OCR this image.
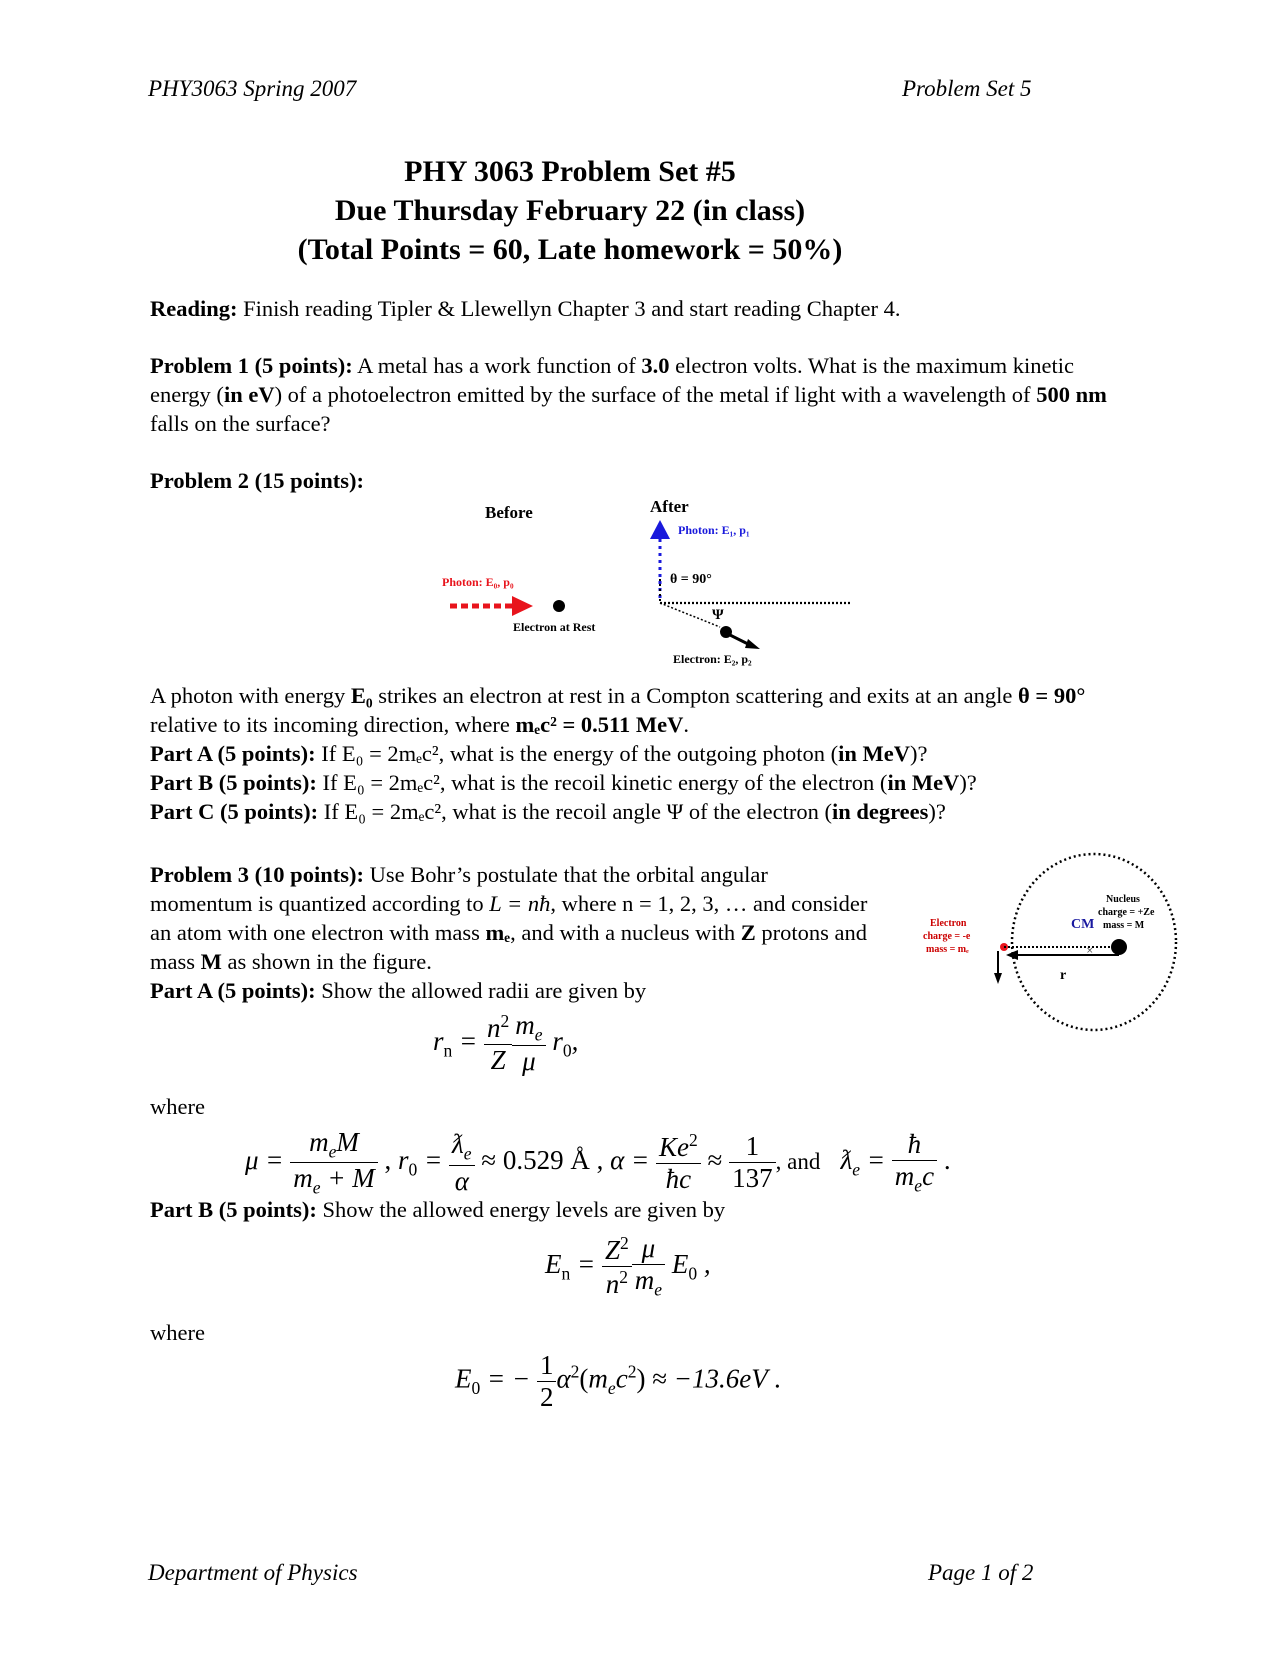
PHY3063 Spring 2007	Problem Set 5
PHY 3063 Problem Set #5
Due Thursday February 22 (in class)
(Total Points = 60, Late homework = 50%)
Reading: Finish reading Tipler & Llewellyn Chapter 3 and start reading Chapter 4.
Problem 1 (5 points): A metal has a work function of 3.0 electron volts. What is the maximum kinetic energy (in eV) of a photoelectron emitted by the surface of the metal if light with a wavelength of 500 nm falls on the surface?
Problem 2 (15 points):
Before	After
Photon: E₀, p₀
Electron at Rest
Photon: E₁, p₁
θ = 90°
Ψ
Electron: E₂, p₂
A photon with energy E₀ strikes an electron at rest in a Compton scattering and exits at an angle θ = 90° relative to its incoming direction, where mₑc² = 0.511 MeV.
Part A (5 points): If E₀ = 2mₑc², what is the energy of the outgoing photon (in MeV)?
Part B (5 points): If E₀ = 2mₑc², what is the recoil kinetic energy of the electron (in MeV)?
Part C (5 points): If E₀ = 2mₑc², what is the recoil angle Ψ of the electron (in degrees)?
Problem 3 (10 points): Use Bohr’s postulate that the orbital angular momentum is quantized according to L = nħ, where n = 1, 2, 3, … and consider an atom with one electron with mass mₑ, and with a nucleus with Z protons and mass M as shown in the figure.
Part A (5 points): Show the allowed radii are given by
Nucleus
charge = +Ze
mass = M
CM
Electron
charge = -e
mass = mₑ	×
r
$r_n = \frac{n^2}{Z} \frac{m_e}{\mu} r_0$,
where
$\mu = \frac{m_eM}{m_e + M}$ , $r_0 = \frac{ƛ_e}{\alpha} \approx 0.529$ Å , $\alpha = \frac{Ke^2}{ħc} \approx \frac{1}{137}$ , and   $ƛ_e = \frac{ħ}{m_ec}$ .
Part B (5 points): Show the allowed energy levels are given by
$E_n = \frac{Z^2}{n^2} \frac{\mu}{m_e} E_0$ ,
where
$E_0$ = − $\frac{1}{2} \alpha^2(m_ec^2) \approx -13.6eV$ .
Department of Physics	Page 1 of 2
